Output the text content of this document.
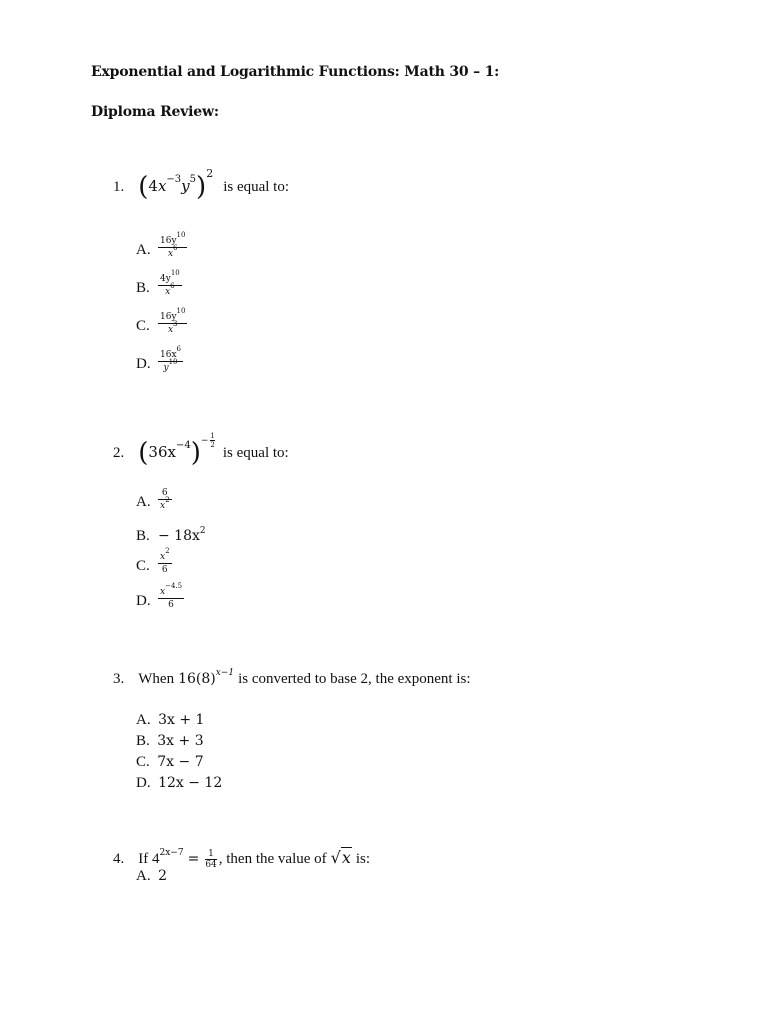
Exponential and Logarithmic Functions: Math 30 – 1:
Diploma Review:
1. $(4x^{-3}y^5)^2$ is equal to:
A. $\frac{16y^{10}}{x^6}$
B. $\frac{4y^{10}}{x^6}$
C. $\frac{16y^{10}}{x^3}$
D. $\frac{16x^6}{y^{10}}$
2. $(36x^{-4})- \frac{1}{2}$
is equal to:
A. $\frac{6}{x^2}$
B. − $18x^2$
C. $\frac{x^2}{6}$
D. $\frac{x^{-4.5}}{6}$
3. When $16(8)^{x-1}$ is converted to base 2, the exponent is:
A. 3x + 1
B. 3x + 3
C. 7x − 7
D. 12x − 12
4. If $4^{2x-7} = \frac{1}{64}$ , then the value of √x is:
A. 2
